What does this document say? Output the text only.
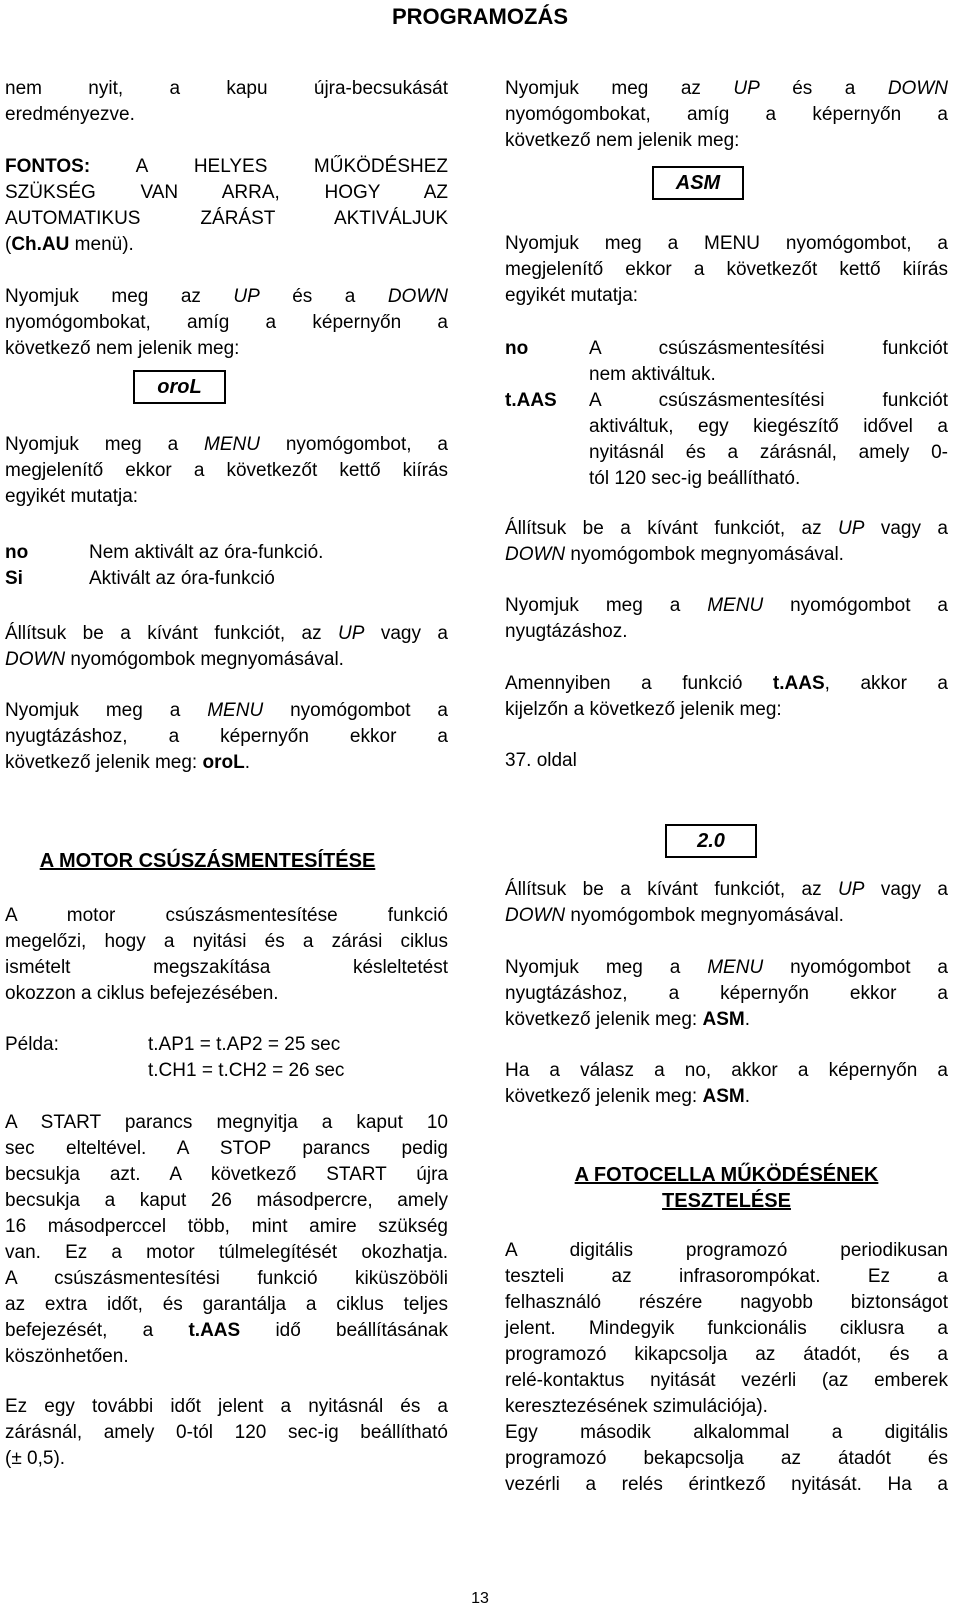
PROGRAMOZÁS

nem nyit, a kapu újra-becsukását

eredményezve.

FONTOS: A HELYES MŰKÖDÉSHEZ

SZÜKSÉG VAN ARRA, HOGY AZ

AUTOMATIKUS ZÁRÁST AKTIVÁLJUK

(Ch.AU menü).

Nyomjuk meg az UP és a DOWN

nyomógombokat, amíg a képernyőn a

következő nem jelenik meg:

oroL

Nyomjuk meg a MENU nyomógombot, a

megjelenítő ekkor a következőt kettő kiírás

egyikét mutatja:

no	Nem aktivált az óra-funkció.

Si	Aktivált az óra-funkció

Állítsuk be a kívánt funkciót, az UP vagy a

DOWN nyomógombok megnyomásával.

Nyomjuk meg a MENU nyomógombot a

nyugtázáshoz, a képernyőn ekkor a

következő jelenik meg: oroL.

Nyomjuk meg az UP és a DOWN

nyomógombokat, amíg a képernyőn a

következő nem jelenik meg:

ASM

Nyomjuk meg a MENU nyomógombot, a

megjelenítő ekkor a következőt kettő kiírás

egyikét mutatja:

no	A csúszásmentesítési funkciót

nem aktiváltuk.

t.AAS A csúszásmentesítési funkciót

aktiváltuk, egy kiegészítő idővel a

nyitásnál és a zárásnál, amely 0-

tól 120 sec-ig beállítható.

Állítsuk be a kívánt funkciót, az UP vagy a

DOWN nyomógombok megnyomásával.

Nyomjuk meg a MENU nyomógombot a

nyugtázáshoz.

Amennyiben a funkció t.AAS, akkor a

kijelzőn a következő jelenik meg:

37. oldal

A MOTOR CSÚSZÁSMENTESÍTÉSE

A motor csúszásmentesítése funkció

megelőzi, hogy a nyitási és a zárási ciklus

ismételt megszakítása késleltetést

okozzon a ciklus befejezésében.

Példa:	t.AP1 = t.AP2 = 25 sec

t.CH1 = t.CH2 = 26 sec

A START parancs megnyitja a kaput 10

sec elteltével. A STOP parancs pedig

becsukja azt. A következő START újra

becsukja a kaput 26 másodpercre, amely

16 másodperccel több, mint amire szükség

van. Ez a motor túlmelegítését okozhatja.

A csúszásmentesítési funkció kiküszöböli

az extra időt, és garantálja a ciklus teljes

befejezését, a t.AAS idő beállításának

köszönhetően.

Ez egy további időt jelent a nyitásnál és a

zárásnál, amely 0-tól 120 sec-ig beállítható

(± 0,5).

2.0

Állítsuk be a kívánt funkciót, az UP vagy a

DOWN nyomógombok megnyomásával.

Nyomjuk meg a MENU nyomógombot a

nyugtázáshoz, a képernyőn ekkor a

következő jelenik meg: ASM.

Ha a válasz a no, akkor a képernyőn a

következő jelenik meg: ASM.

A FOTOCELLA MŰKÖDÉSÉNEK
TESZTELÉSE

A digitális programozó periodikusan

teszteli az infrasorompókat. Ez a

felhasználó részére nagyobb biztonságot

jelent. Mindegyik funkcionális ciklusra a

programozó kikapcsolja az átadót, és a

relé-kontaktus nyitását vezérli (az emberek

keresztezésének szimulációja).

Egy második alkalommal a digitális

programozó bekapcsolja az átadót és

vezérli a relés érintkező nyitását. Ha a

13
